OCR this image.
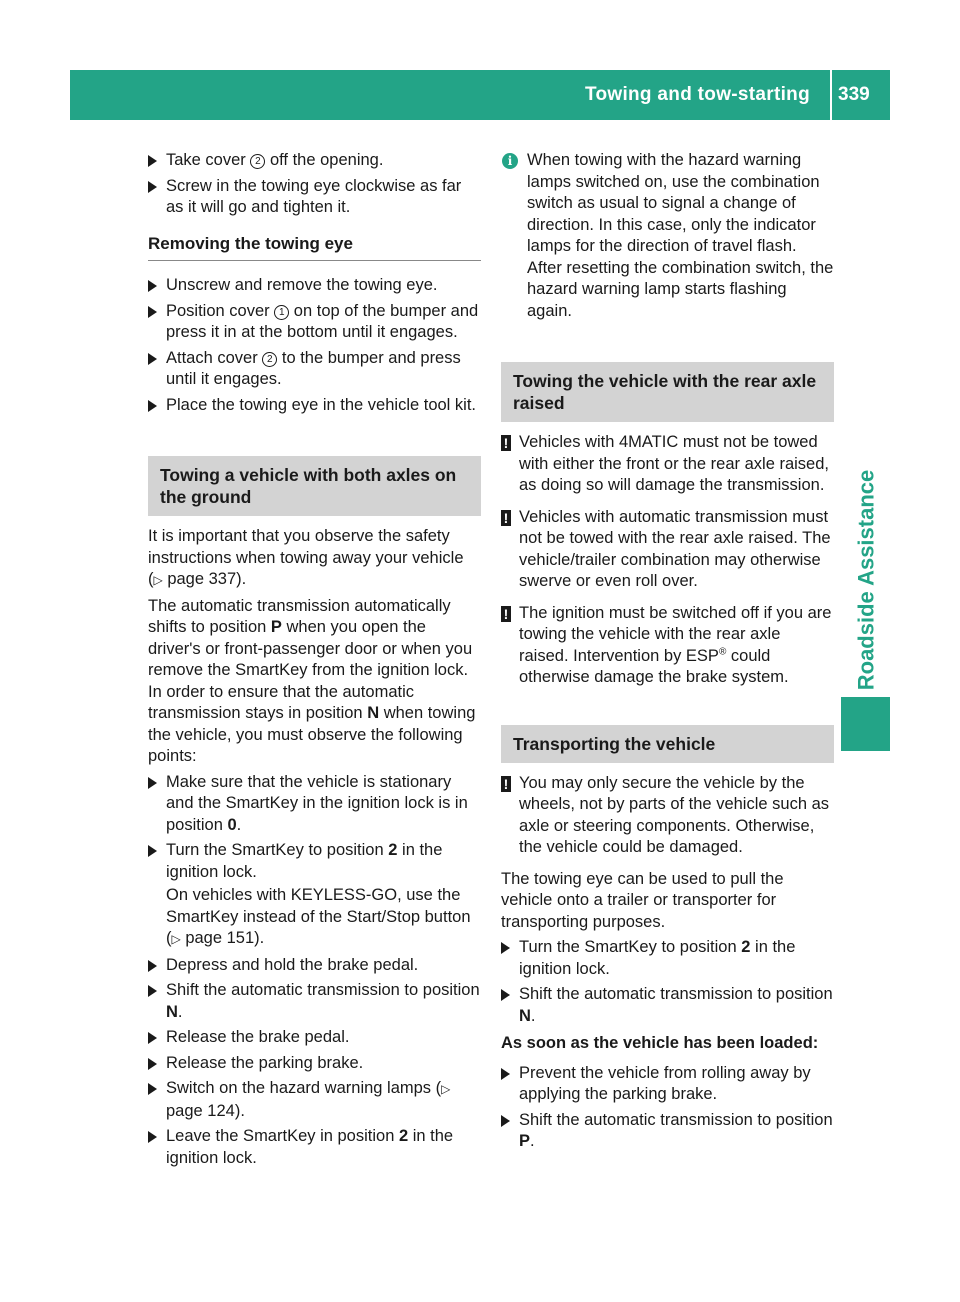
Towing and tow-starting 339
Roadside Assistance
Take cover 2 off the opening.
Screw in the towing eye clockwise as far as it will go and tighten it.
Removing the towing eye
Unscrew and remove the towing eye.
Position cover 1 on top of the bumper and press it in at the bottom until it engages.
Attach cover 2 to the bumper and press until it engages.
Place the towing eye in the vehicle tool kit.
Towing a vehicle with both axles on the ground
It is important that you observe the safety instructions when towing away your vehicle (▷ page 337).
The automatic transmission automatically shifts to position P when you open the driver's or front-passenger door or when you remove the SmartKey from the ignition lock. In order to ensure that the automatic transmission stays in position N when towing the vehicle, you must observe the following points:
Make sure that the vehicle is stationary and the SmartKey in the ignition lock is in position 0.
Turn the SmartKey to position 2 in the ignition lock.
On vehicles with KEYLESS-GO, use the SmartKey instead of the Start/Stop button (▷ page 151).
Depress and hold the brake pedal.
Shift the automatic transmission to position N.
Release the brake pedal.
Release the parking brake.
Switch on the hazard warning lamps (▷ page 124).
Leave the SmartKey in position 2 in the ignition lock.
i When towing with the hazard warning lamps switched on, use the combination switch as usual to signal a change of direction. In this case, only the indicator lamps for the direction of travel flash. After resetting the combination switch, the hazard warning lamp starts flashing again.
Towing the vehicle with the rear axle raised
! Vehicles with 4MATIC must not be towed with either the front or the rear axle raised, as doing so will damage the transmission.
! Vehicles with automatic transmission must not be towed with the rear axle raised. The vehicle/trailer combination may otherwise swerve or even roll over.
! The ignition must be switched off if you are towing the vehicle with the rear axle raised. Intervention by ESP® could otherwise damage the brake system.
Transporting the vehicle
! You may only secure the vehicle by the wheels, not by parts of the vehicle such as axle or steering components. Otherwise, the vehicle could be damaged.
The towing eye can be used to pull the vehicle onto a trailer or transporter for transporting purposes.
Turn the SmartKey to position 2 in the ignition lock.
Shift the automatic transmission to position N.
As soon as the vehicle has been loaded:
Prevent the vehicle from rolling away by applying the parking brake.
Shift the automatic transmission to position P.
